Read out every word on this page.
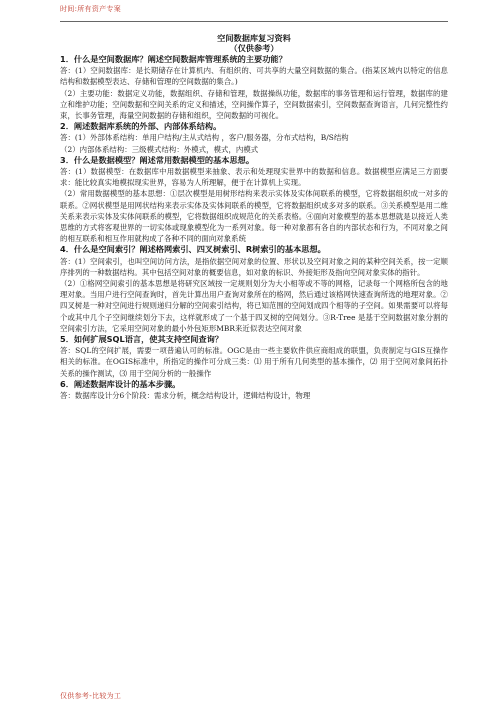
时间:所有资产专案
空间数据库复习资料
（仅供参考）
1．什么是空间数据库？阐述空间数据库管理系统的主要功能？
答：(1）空间数据库：是长期储存在计算机内、有组织的、可共享的大量空间数据的集合。(指某区域内以特定的信息结构和数据模型表达、存储和管理的空间数据的集合。)
（2）主要功能：数据定义功能，数据组织、存储和管理，数据操纵功能，数据库的事务管理和运行管理，数据库的建立和维护功能；空间数据和空间关系的定义和描述，空间操作算子，空间数据索引，空间数据查询语言，几何完整性约束，长事务管理，海量空间数据的存储和组织，空间数据的可视化。
2．阐述数据库系统的外部、内部体系结构。
答：(1）外部体系结构：单用户结构/主从式结构 ，客户/服务器，分布式结构，B/S结构
（2）内部体系结构：三级模式结构：外模式，模式，内模式
3．什么是数据模型？阐述常用数据模型的基本思想。
答：(1）数据模型：在数据库中用数据模型来抽象、表示和处理现实世界中的数据和信息。数据模型应满足三方面要求：能比较真实地模拟现实世界，容易为人所理解，便于在计算机上实现。
（2）常用数据模型的基本思想：①层次模型是用树形结构来表示实体及实体间联系的模型，它将数据组织成一对多的联系。②网状模型是用网状结构来表示实体及实体间联系的模型，它将数据组织成多对多的联系。③关系模型是用二维关系来表示实体及实体间联系的模型，它将数据组织成规范化的关系表格。④面向对象模型的基本思想就是以接近人类思维的方式将客观世界的一切实体或现象模型化为一系列对象。每一种对象都有各自的内部状态和行为，不同对象之间的相互联系和相互作用就构成了各种不同的面向对象系统
4．什么是空间索引？阐述格网索引、四叉树索引、R树索引的基本思想。
答：(1）空间索引，也叫空间访问方法，是指依据空间对象的位置、形状以及空间对象之间的某种空间关系，按一定顺序排列的一种数据结构。其中包括空间对象的概要信息，如对象的标识、外接矩形及指向空间对象实体的指针。
（2）①格网空间索引的基本思想是将研究区域按一定规则划分为大小相等或不等的网格，记录每一个网格所包含的地理对象。当用户进行空间查询时，首先计算出用户查询对象所在的格网，然后通过该格网快速查询所选的地理对象。②四叉树是一种对空间进行规则递归分解的空间索引结构，将已知范围的空间划成四个相等的子空间。如果需要可以将每个或其中几个子空间继续划分下去，这样就形成了一个基于四叉树的空间划分。③R-Tree 是基于空间数据对象分割的空间索引方法，它采用空间对象的最小外包矩形MBR来近似表达空间对象
5．如何扩展SQL语言，使其支持空间查询？
答：SQL的空间扩展，需要一项普遍认可的标准。OGC是由一些主要软件供应商组成的联盟，负责制定与GIS互操作相关的标准。在OGIS标准中，所指定的操作可分成三类：⑴ 用于所有几何类型的基本操作，⑵ 用于空间对象间拓扑关系的操作测试，⑶ 用于空间分析的一般操作
6．阐述数据库设计的基本步骤。
答：数据库设计分6个阶段：需求分析，概念结构设计，逻辑结构设计，物理
仅供参考-比较为工
